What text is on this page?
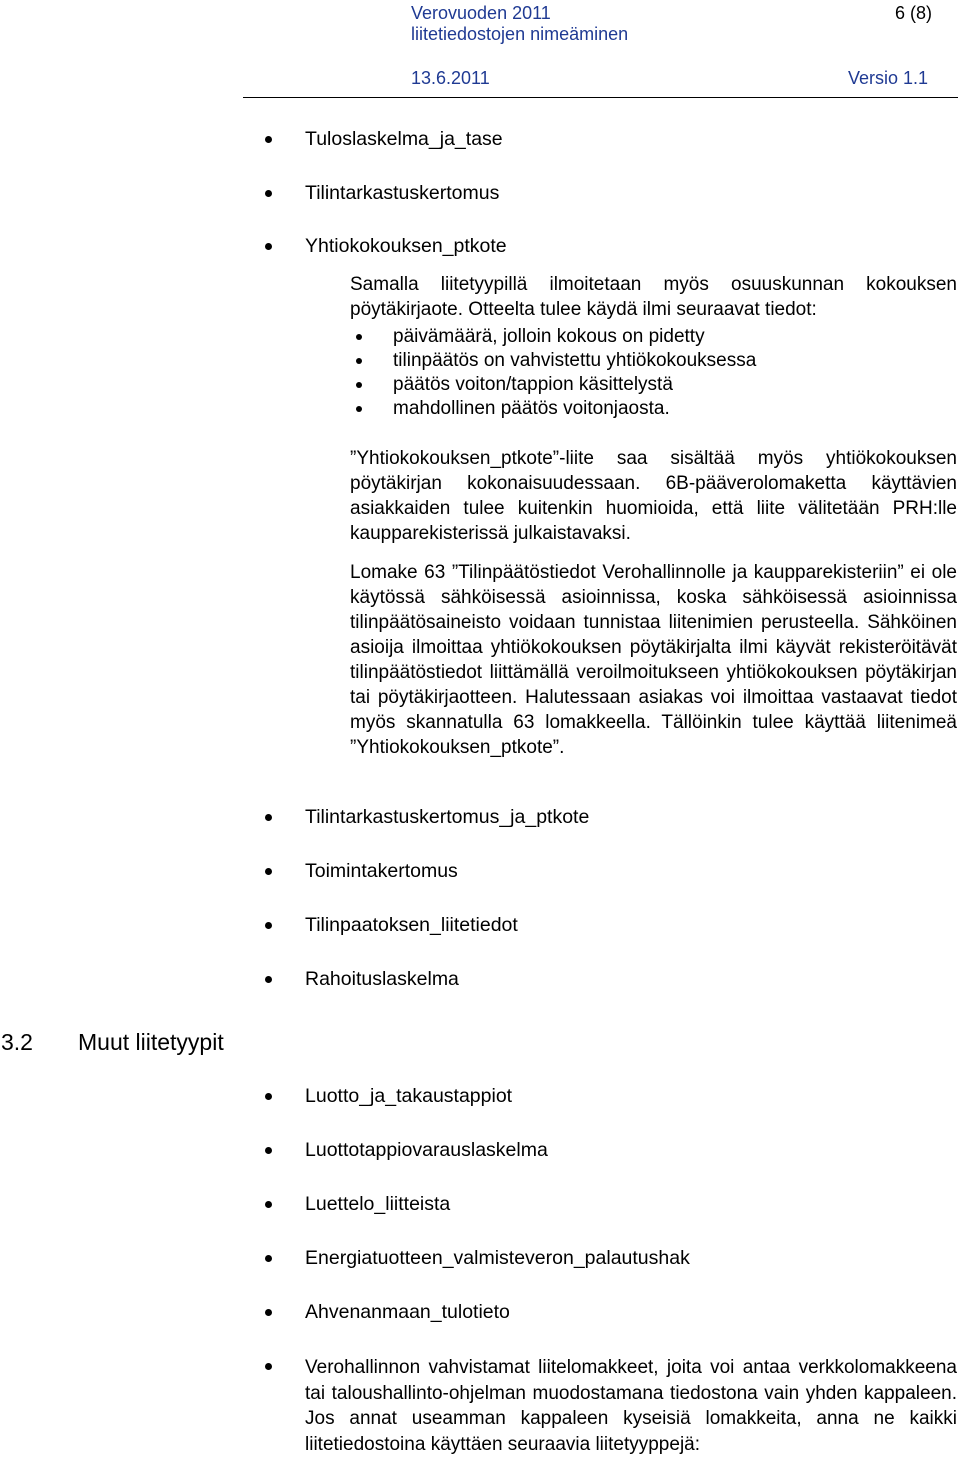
Verovuoden 2011
liitetiedostojen nimeäminen
6 (8)
13.6.2011	Versio 1.1
Tuloslaskelma_ja_tase
Tilintarkastuskertomus
Yhtiokokouksen_ptkote

Samalla liitetyypillä ilmoitetaan myös osuuskunnan kokouksen pöytäkirjaote. Otteelta tulee käydä ilmi seuraavat tiedot:

päivämäärä, jolloin kokous on pidetty
tilinpäätös on vahvistettu yhtiökokouksessa
päätös voiton/tappion käsittelystä
mahdollinen päätös voitonjaosta.

”Yhtiokokouksen_ptkote”-liite saa sisältää myös yhtiökokouksen pöytäkirjan kokonaisuudessaan. 6B-pääverolomaketta käyttävien asiakkaiden tulee kuitenkin huomioida, että liite välitetään PRH:lle kaupparekisterissä julkaistavaksi.

Lomake 63 ”Tilinpäätöstiedot Verohallinnolle ja kaupparekisteriin” ei ole käytössä sähköisessä asioinnissa, koska sähköisessä asioinnissa tilinpäätösaineisto voidaan tunnistaa liitenimien perusteella. Sähköinen asioija ilmoittaa yhtiökokouksen pöytäkirjalta ilmi käyvät rekisteröitävät tilinpäätöstiedot liittämällä veroilmoitukseen yhtiökokouksen pöytäkirjan tai pöytäkirjaotteen. Halutessaan asiakas voi ilmoittaa vastaavat tiedot myös skannatulla 63 lomakkeella. Tällöinkin tulee käyttää liitenimeä ”Yhtiokokouksen_ptkote”.

Tilintarkastuskertomus_ja_ptkote
Toimintakertomus
Tilinpaatoksen_liitetiedot
Rahoituslaskelma
3.2 Muut liitetyypit
Luotto_ja_takaustappiot
Luottotappiovarauslaskelma
Luettelo_liitteista
Energiatuotteen_valmisteveron_palautushak
Ahvenanmaan_tulotieto

Verohallinnon vahvistamat liitelomakkeet, joita voi antaa verkkolomakkeena tai taloushallinto-ohjelman muodostamana tiedostona vain yhden kappaleen. Jos annat useamman kappaleen kyseisiä lomakkeita, anna ne kaikki liitetiedostoina käyttäen seuraavia liitetyyppejä:
